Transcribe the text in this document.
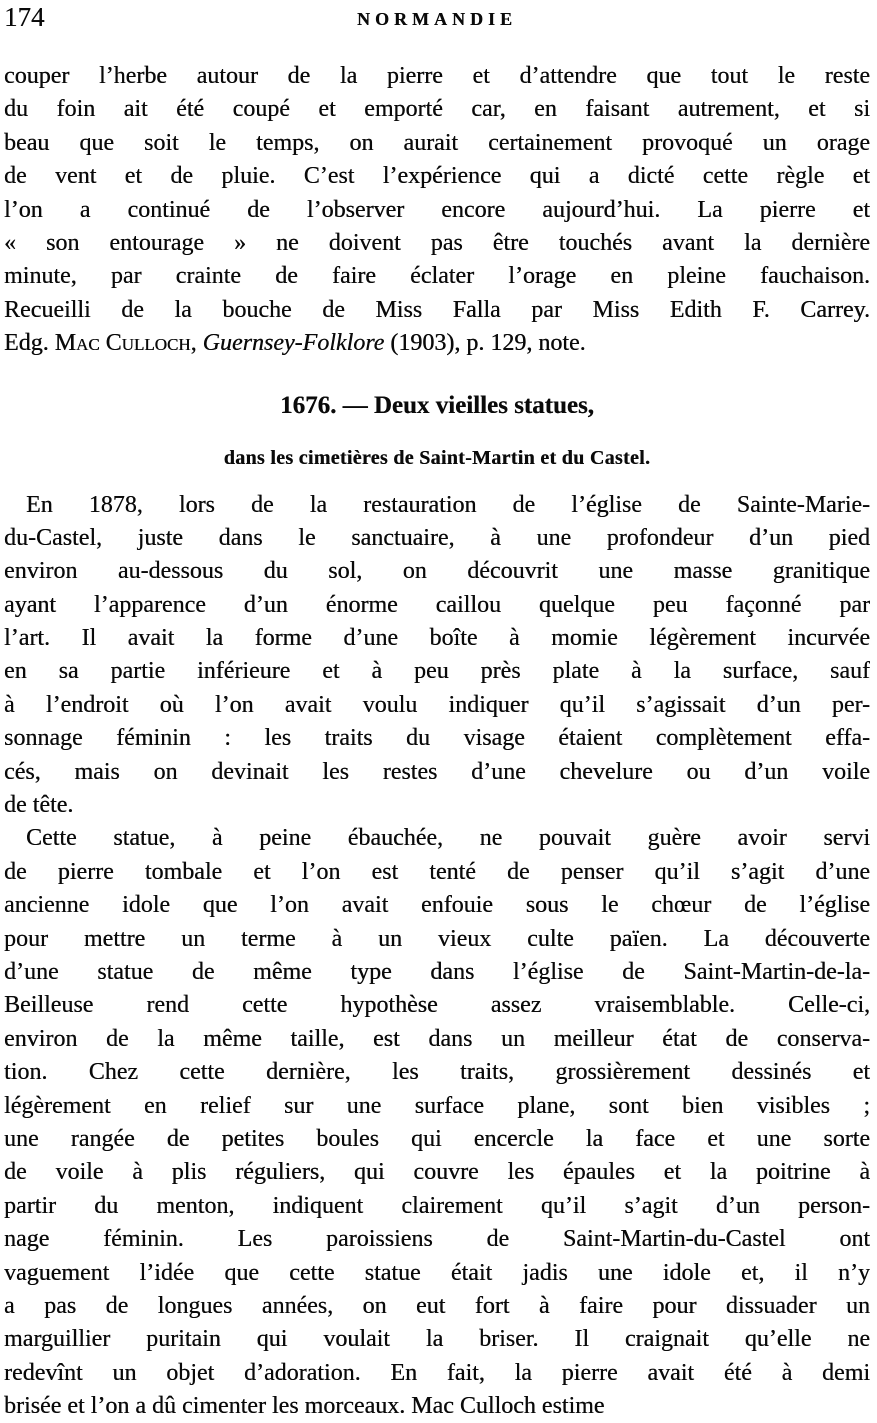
174	NORMANDIE
couper l’herbe autour de la pierre et d’attendre que tout le reste
du foin ait été coupé et emporté car, en faisant autrement, et si
beau que soit le temps, on aurait certainement provoqué un orage
de vent et de pluie. C’est l’expérience qui a dicté cette règle et
l’on a continué de l’observer encore aujourd’hui. La pierre et
« son entourage » ne doivent pas être touchés avant la dernière
minute, par crainte de faire éclater l’orage en pleine fauchaison.
Recueilli de la bouche de Miss Falla par Miss Edith F. Carrey.
Edg. Mac Culloch, Guernsey-Folklore (1903), p. 129, note.
1676. — Deux vieilles statues,
dans les cimetières de Saint-Martin et du Castel.
En 1878, lors de la restauration de l’église de Sainte-Marie-
du-Castel, juste dans le sanctuaire, à une profondeur d’un pied
environ au-dessous du sol, on découvrit une masse granitique
ayant l’apparence d’un énorme caillou quelque peu façonné par
l’art. Il avait la forme d’une boîte à momie légèrement incurvée
en sa partie inférieure et à peu près plate à la surface, sauf
à l’endroit où l’on avait voulu indiquer qu’il s’agissait d’un per-
sonnage féminin : les traits du visage étaient complètement effa-
cés, mais on devinait les restes d’une chevelure ou d’un voile
de tête.
Cette statue, à peine ébauchée, ne pouvait guère avoir servi
de pierre tombale et l’on est tenté de penser qu’il s’agit d’une
ancienne idole que l’on avait enfouie sous le chœur de l’église
pour mettre un terme à un vieux culte païen. La découverte
d’une statue de même type dans l’église de Saint-Martin-de-la-
Beilleuse rend cette hypothèse assez vraisemblable. Celle-ci,
environ de la même taille, est dans un meilleur état de conserva-
tion. Chez cette dernière, les traits, grossièrement dessinés et
légèrement en relief sur une surface plane, sont bien visibles ;
une rangée de petites boules qui encercle la face et une sorte
de voile à plis réguliers, qui couvre les épaules et la poitrine à
partir du menton, indiquent clairement qu’il s’agit d’un person-
nage féminin. Les paroissiens de Saint-Martin-du-Castel ont
vaguement l’idée que cette statue était jadis une idole et, il n’y
a pas de longues années, on eut fort à faire pour dissuader un
marguillier puritain qui voulait la briser. Il craignait qu’elle ne
redevînt un objet d’adoration. En fait, la pierre avait été à demi
brisée et l’on a dû cimenter les morceaux. Mac Culloch estime
